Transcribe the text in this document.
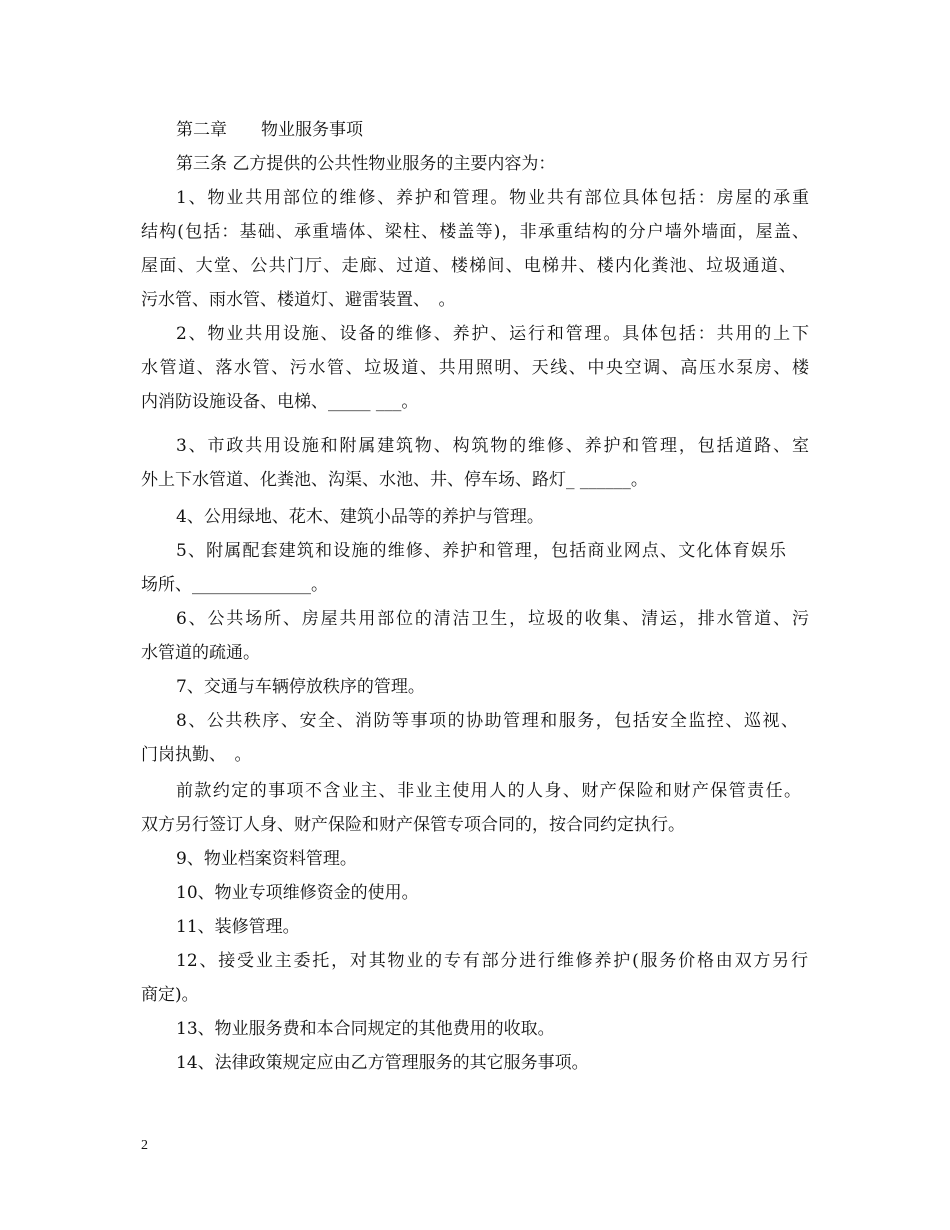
第二章　　物业服务事项
第三条 乙方提供的公共性物业服务的主要内容为：
1、物业共用部位的维修、养护和管理。物业共有部位具体包括：房屋的承重
结构(包括：基础、承重墙体、梁柱、楼盖等)，非承重结构的分户墙外墙面，屋盖、
屋面、大堂、公共门厅、走廊、过道、楼梯间、电梯井、楼内化粪池、垃圾通道、
污水管、雨水管、楼道灯、避雷装置、　。
2、物业共用设施、设备的维修、养护、运行和管理。具体包括：共用的上下
水管道、落水管、污水管、垃圾道、共用照明、天线、中央空调、高压水泵房、楼
内消防设施设备、电梯、_____ ___。
3、市政共用设施和附属建筑物、构筑物的维修、养护和管理，包括道路、室
外上下水管道、化粪池、沟渠、水池、井、停车场、路灯_ ______。
4、公用绿地、花木、建筑小品等的养护与管理。
5、附属配套建筑和设施的维修、养护和管理，包括商业网点、文化体育娱乐
场所、______________。
6、公共场所、房屋共用部位的清洁卫生，垃圾的收集、清运，排水管道、污
水管道的疏通。
7、交通与车辆停放秩序的管理。
8、公共秩序、安全、消防等事项的协助管理和服务，包括安全监控、巡视、
门岗执勤、　。
前款约定的事项不含业主、非业主使用人的人身、财产保险和财产保管责任。
双方另行签订人身、财产保险和财产保管专项合同的，按合同约定执行。
9、物业档案资料管理。
10、物业专项维修资金的使用。
11、装修管理。
12、接受业主委托，对其物业的专有部分进行维修养护(服务价格由双方另行
商定)。
13、物业服务费和本合同规定的其他费用的收取。
14、法律政策规定应由乙方管理服务的其它服务事项。
2
